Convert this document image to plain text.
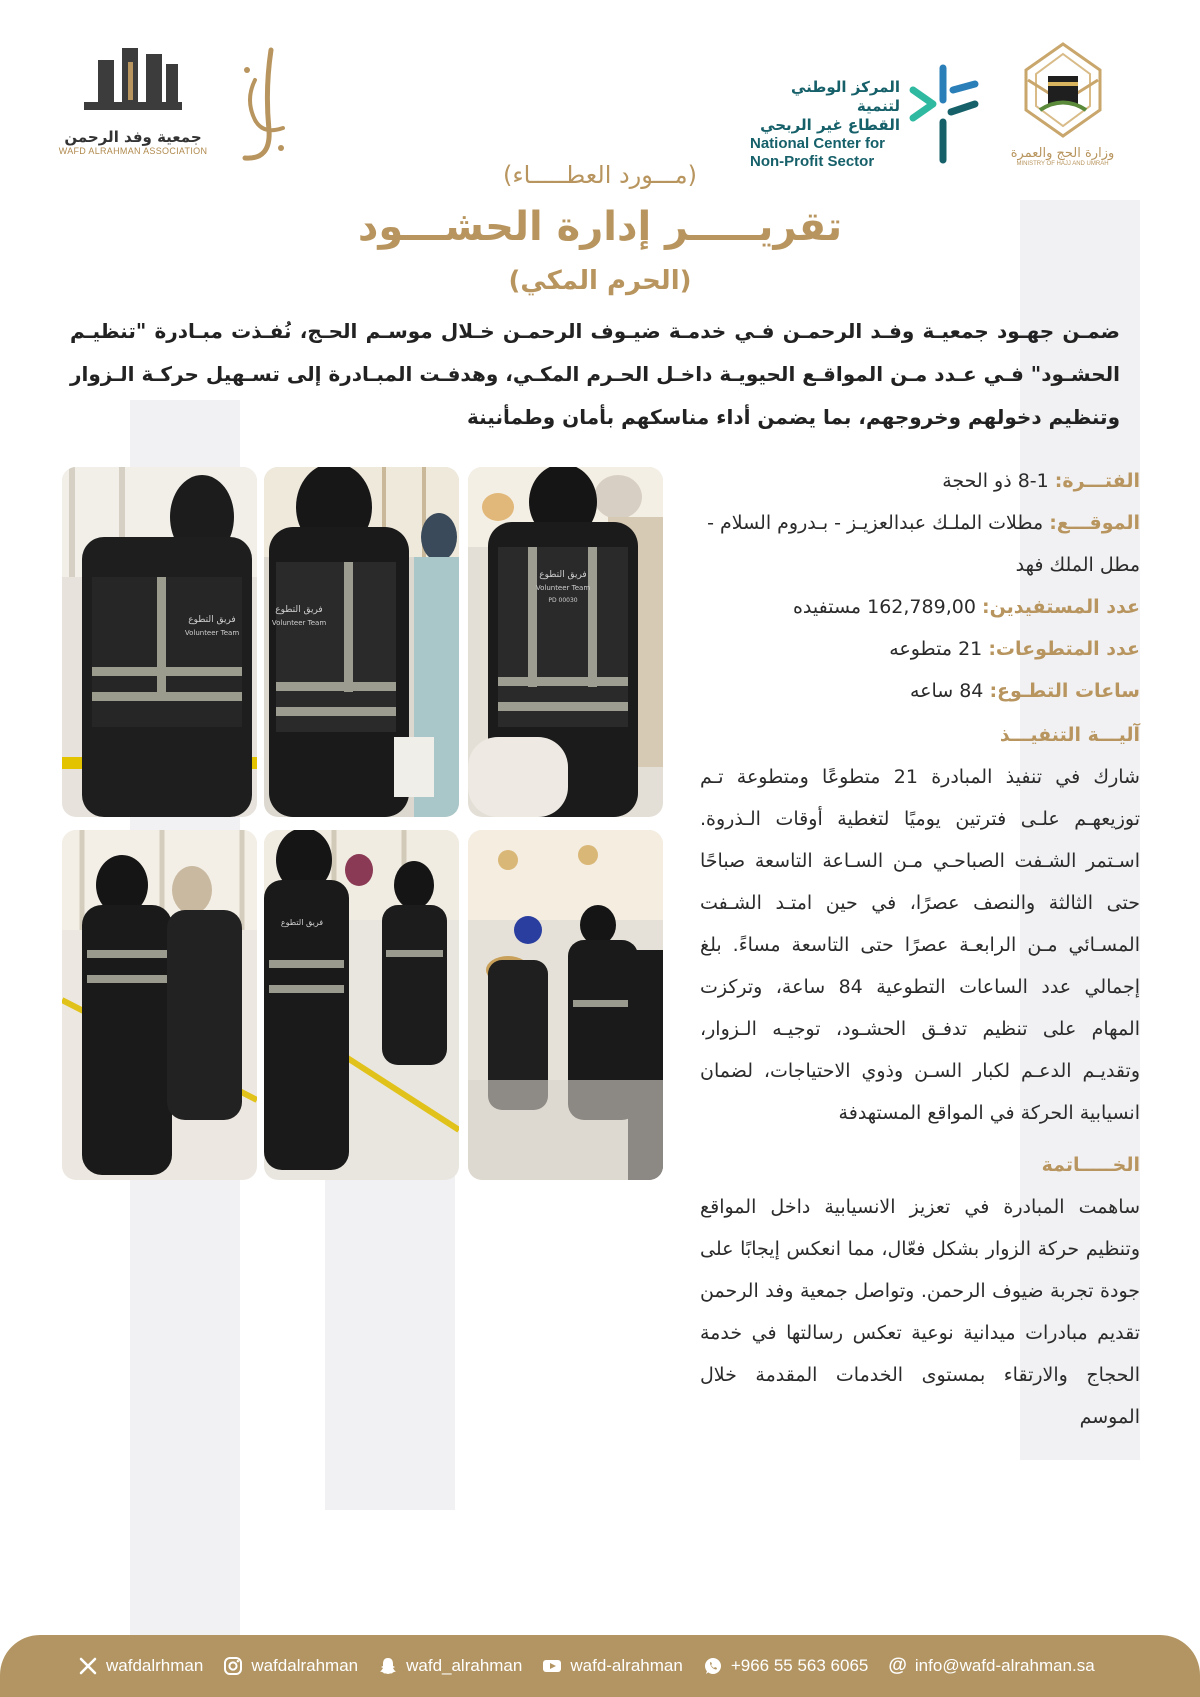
وزارة الحج والعمرة
MINISTRY OF HAJJ AND UMRAH
المركز الوطني لتنمية
القطاع غير الربحي
National Center for
Non-Profit Sector
جمعية وفد الرحمن
WAFD ALRAHMAN ASSOCIATION
(مـــورد العطـــــاء)
تقريـــــر إدارة الحشـــود
(الحرم المكي)
ضمـن جهـود جمعيـة وفـد الرحمـن فـي خدمـة ضيـوف الرحمـن خـلال موسـم الحـج، نُفـذت مبـادرة "تنظيـم الحشـود" فـي عـدد مـن المواقـع الحيويـة داخـل الحـرم المكـي، وهدفـت المبـادرة إلى تسـهيل حركـة الـزوار وتنظيم دخولهم وخروجهم، بما يضمن أداء مناسكهم بأمان وطمأنينة
فريق التطوع
Volunteer Team
فريق التطوع
Volunteer Team
فريق التطوع
Volunteer Team
PD 00030
فريق التطوع
الفتـــرة: 1-8 ذو الحجة
الموقـــع: مطلات الملـك عبدالعزيـز - بـدروم السلام - مطل الملك فهد
عدد المستفيدين: 162,789,00 مستفيده
عدد المتطوعات: 21 متطوعه
ساعات التطـوع: 84 ساعه
آليـــة التنفيـــذ
شارك في تنفيذ المبادرة 21 متطوعًا ومتطوعة تـم توزيعهـم علـى فترتين يوميًا لتغطية أوقات الـذروة. اسـتمر الشـفت الصباحـي مـن السـاعة التاسعة صباحًا حتى الثالثة والنصف عصرًا، في حين امتـد الشـفت المسـائي مـن الرابعـة عصرًا حتى التاسعة مساءً. بلغ إجمالي عدد الساعات التطوعية 84 ساعة، وتركزت المهام على تنظيم تدفـق الحشـود، توجيـه الـزوار، وتقديـم الدعـم لكبار السـن وذوي الاحتياجات، لضمان انسيابية الحركة في المواقع المستهدفة
الخـــــاتمة
ساهمت المبادرة في تعزيز الانسيابية داخل المواقع وتنظيم حركة الزوار بشكل فعّال، مما انعكس إيجابًا على جودة تجربة ضيوف الرحمن. وتواصل جمعية وفد الرحمن تقديم مبادرات ميدانية نوعية تعكس رسالتها في خدمة الحجاج والارتقاء بمستوى الخدمات المقدمة خلال الموسم
wafdalrhman	wafdalrahman	wafd_alrahman	wafd-alrahman	+966 55 563 6065 @ info@wafd-alrahman.sa
